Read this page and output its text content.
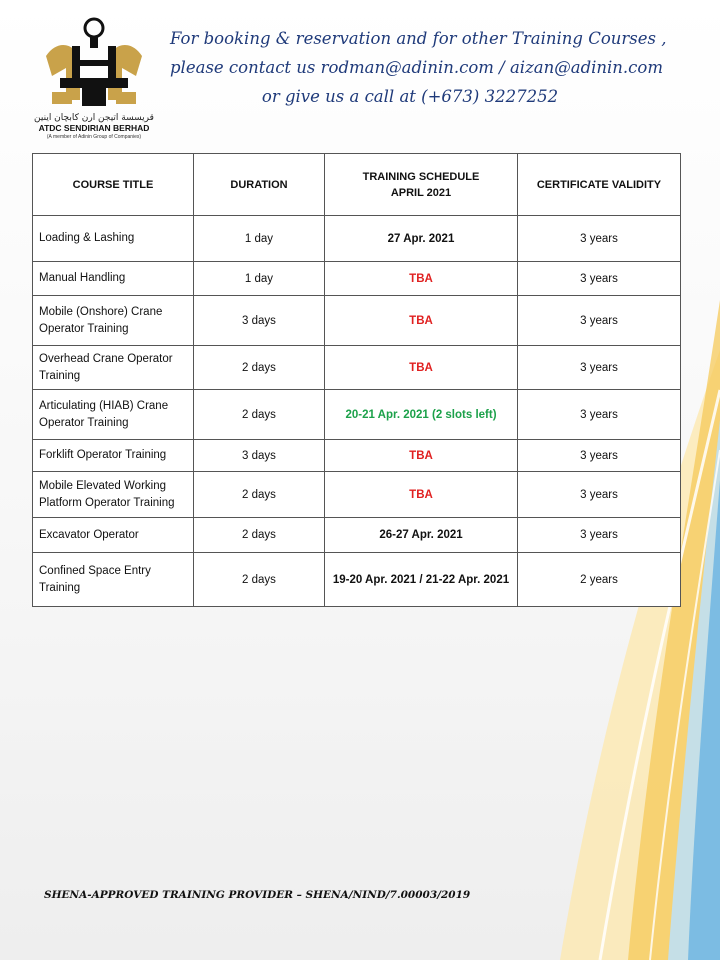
قريسسة اتيجن ارن كابچان اينين
ATDC SENDIRIAN BERHAD
(A member of Adinin Group of Companies)
For booking & reservation and for other Training Courses ,
please contact us rodman@adinin.com / aizan@adinin.com
or give us a call at (+673) 3227252
COURSE TITLE	DURATION	TRAINING SCHEDULE
APRIL 2021	CERTIFICATE VALIDITY
Loading & Lashing	1 day	27 Apr. 2021	3 years
Manual Handling	1 day	TBA	3 years
Mobile (Onshore) Crane Operator Training	3 days	TBA	3 years
Overhead Crane Operator Training	2 days	TBA	3 years
Articulating (HIAB) Crane Operator Training	2 days	20-21 Apr. 2021 (2 slots left)	3 years
Forklift Operator Training	3 days	TBA	3 years
Mobile Elevated Working Platform Operator Training	2 days	TBA	3 years
Excavator Operator	2 days	26-27 Apr. 2021	3 years
Confined Space Entry Training	2 days	19-20 Apr. 2021 / 21-22 Apr. 2021	2 years
SHENA-APPROVED TRAINING PROVIDER – SHENA/NIND/7.00003/2019
